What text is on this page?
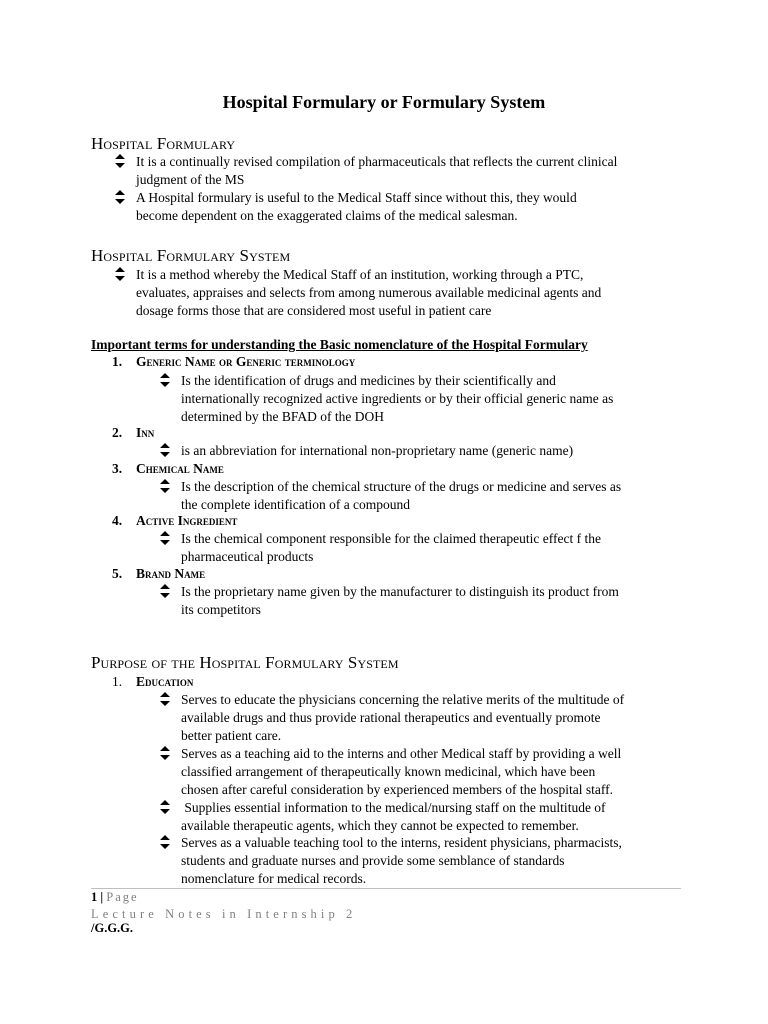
Hospital Formulary or Formulary System
Hospital Formulary
It is a continually revised compilation of pharmaceuticals that reflects the current clinical
judgment of the MS
A Hospital formulary is useful to the Medical Staff since without this, they would
become dependent on the exaggerated claims of the medical salesman.
Hospital Formulary System
It is a method whereby the Medical Staff of an institution, working through a PTC,
evaluates, appraises and selects from among numerous available medicinal agents and
dosage forms those that are considered most useful in patient care
Important terms for understanding the Basic nomenclature of the Hospital Formulary
1. Generic Name or Generic terminology
Is the identification of drugs and medicines by their scientifically and
internationally recognized active ingredients or by their official generic name as
determined by the BFAD of the DOH
2. Inn
is an abbreviation for international non-proprietary name (generic name)
3. Chemical Name
Is the description of the chemical structure of the drugs or medicine and serves as
the complete identification of a compound
4. Active Ingredient
Is the chemical component responsible for the claimed therapeutic effect f the
pharmaceutical products
5. Brand Name
Is the proprietary name given by the manufacturer to distinguish its product from
its competitors
Purpose of the Hospital Formulary System
1. Education
Serves to educate the physicians concerning the relative merits of the multitude of
available drugs and thus provide rational therapeutics and eventually promote
better patient care.
Serves as a teaching aid to the interns and other Medical staff by providing a well
classified arrangement of therapeutically known medicinal, which have been
chosen after careful consideration by experienced members of the hospital staff.
Supplies essential information to the medical/nursing staff on the multitude of
available therapeutic agents, which they cannot be expected to remember.
Serves as a valuable teaching tool to the interns, resident physicians, pharmacists,
students and graduate nurses and provide some semblance of standards
nomenclature for medical records.
1 | Page
Lecture Notes in Internship 2
/G.G.G.
